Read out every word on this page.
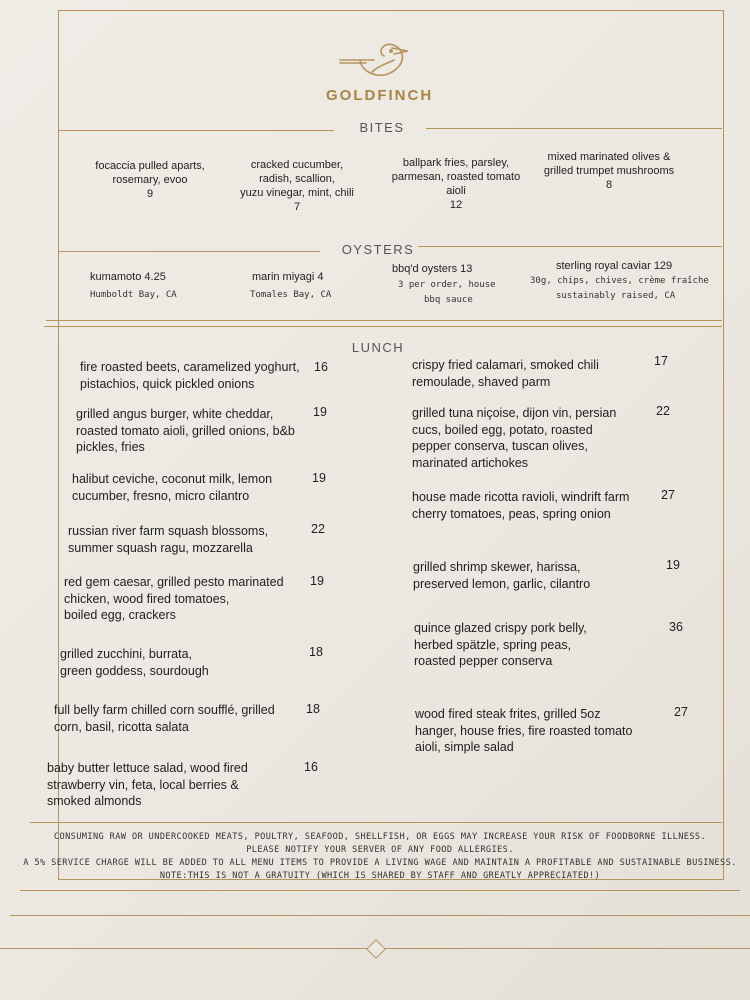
GOLDFINCH
BITES
focaccia pulled aparts,
rosemary, evoo
9
cracked cucumber,
radish, scallion,
yuzu vinegar, mint, chili
7
ballpark fries, parsley,
parmesan, roasted tomato
aioli
12
mixed marinated olives &
grilled trumpet mushrooms
8
OYSTERS
kumamoto 4.25
Humboldt Bay, CA
marin miyagi 4
Tomales Bay, CA
bbq'd oysters 13
3 per order, house
bbq sauce
sterling royal caviar 129
30g, chips, chives, crème fraîche
sustainably raised, CA
LUNCH
fire roasted beets, caramelized yoghurt,
pistachios, quick pickled onions
16
grilled angus burger, white cheddar,
roasted tomato aioli, grilled onions, b&b
pickles, fries
19
halibut ceviche, coconut milk, lemon
cucumber, fresno, micro cilantro
19
russian river farm squash blossoms,
summer squash ragu, mozzarella
22
red gem caesar, grilled pesto marinated
chicken, wood fired tomatoes,
boiled egg, crackers
19
grilled zucchini, burrata,
green goddess, sourdough
18
full belly farm chilled corn soufflé, grilled
corn, basil, ricotta salata
18
baby butter lettuce salad, wood fired
strawberry vin, feta, local berries &
smoked almonds
16
crispy fried calamari, smoked chili
remoulade, shaved parm
17
grilled tuna niçoise, dijon vin, persian
cucs, boiled egg, potato, roasted
pepper conserva, tuscan olives,
marinated artichokes
22
house made ricotta ravioli, windrift farm
cherry tomatoes, peas, spring onion
27
grilled shrimp skewer, harissa,
preserved lemon, garlic, cilantro
19
quince glazed crispy pork belly,
herbed spätzle, spring peas,
roasted pepper conserva
36
wood fired steak frites, grilled 5oz
hanger, house fries, fire roasted tomato
aioli, simple salad
27
CONSUMING RAW OR UNDERCOOKED MEATS, POULTRY, SEAFOOD, SHELLFISH, OR EGGS MAY INCREASE YOUR RISK OF FOODBORNE ILLNESS.
PLEASE NOTIFY YOUR SERVER OF ANY FOOD ALLERGIES.
A 5% SERVICE CHARGE WILL BE ADDED TO ALL MENU ITEMS TO PROVIDE A LIVING WAGE AND MAINTAIN A PROFITABLE AND SUSTAINABLE BUSINESS.
NOTE:THIS IS NOT A GRATUITY (WHICH IS SHARED BY STAFF AND GREATLY APPRECIATED!)
